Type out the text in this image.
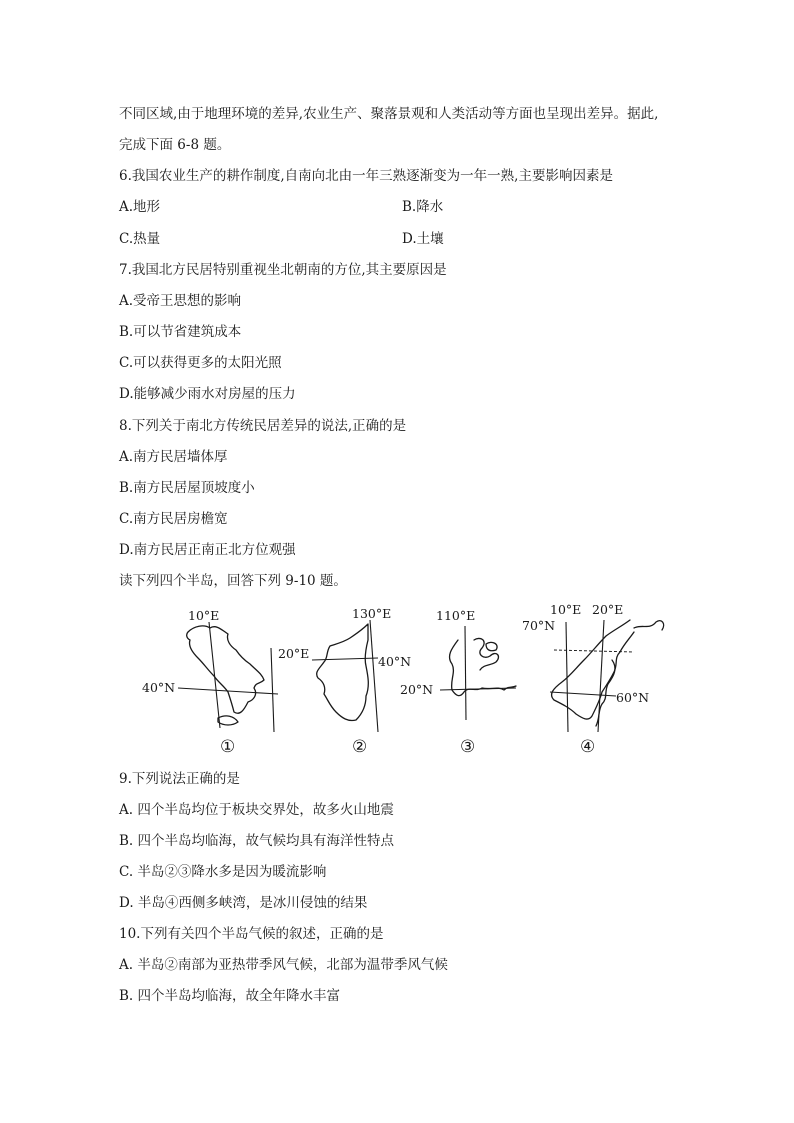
不同区域,由于地理环境的差异,农业生产、聚落景观和人类活动等方面也呈现出差异。据此,
完成下面 6-8 题。
6.我国农业生产的耕作制度,自南向北由一年三熟逐渐变为一年一熟,主要影响因素是
A.地形	B.降水
C.热量	D.土壤
7.我国北方民居特别重视坐北朝南的方位,其主要原因是
A.受帝王思想的影响
B.可以节省建筑成本
C.可以获得更多的太阳光照
D.能够减少雨水对房屋的压力
8.下列关于南北方传统民居差异的说法,正确的是
A.南方民居墙体厚
B.南方民居屋顶坡度小
C.南方民居房檐宽
D.南方民居正南正北方位观强
读下列四个半岛，回答下列 9-10 题。
10°E
40°N
①
130°E
20°E
40°N
②
110°E
20°N
③
10°E 20°E
70°N
60°N
④
9.下列说法正确的是
A. 四个半岛均位于板块交界处，故多火山地震
B. 四个半岛均临海，故气候均具有海洋性特点
C. 半岛②③降水多是因为暖流影响
D. 半岛④西侧多峡湾，是冰川侵蚀的结果
10.下列有关四个半岛气候的叙述，正确的是
A. 半岛②南部为亚热带季风气候，北部为温带季风气候
B. 四个半岛均临海，故全年降水丰富
